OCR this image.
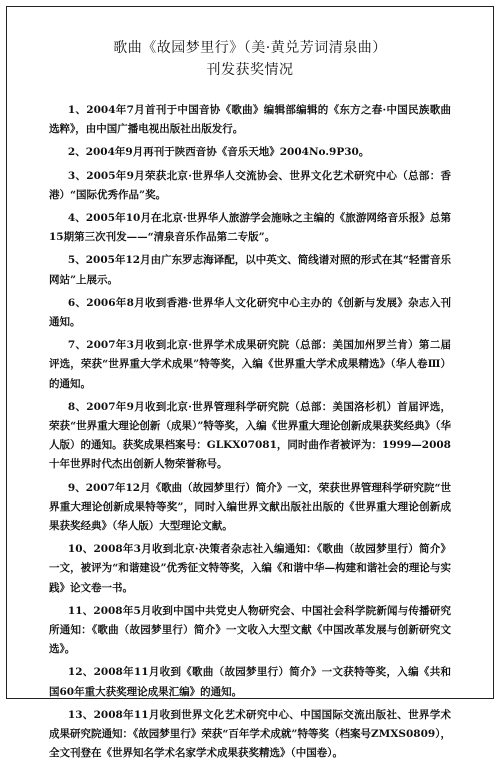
歌曲《故园梦里行》（美·黄兑芳词清泉曲）
刊发获奖情况

1、2004年7月首刊于中国音协《歌曲》编辑部编辑的《东方之春·中国民族歌曲选粹》，由中国广播电视出版社出版发行。

2、2004年9月再刊于陕西音协《音乐天地》2004No.9P30。

3、2005年9月荣获北京·世界华人交流协会、世界文化艺术研究中心（总部：香港）“国际优秀作品”奖。

4、2005年10月在北京·世界华人旅游学会施咏之主编的《旅游网络音乐报》总第15期第三次刊发——“清泉音乐作品第二专版”。

5、2005年12月由广东罗志海译配，以中英文、简线谱对照的形式在其“轻雷音乐网站”上展示。

6、2006年8月收到香港·世界华人文化研究中心主办的《创新与发展》杂志入刊通知。

7、2007年3月收到北京·世界学术成果研究院（总部：美国加州罗兰肯）第二届评选，荣获“世界重大学术成果”特等奖，入编《世界重大学术成果精选》（华人卷Ⅲ）的通知。

8、2007年9月收到北京·世界管理科学研究院（总部：美国洛杉机）首届评选，荣获“世界重大理论创新（成果）”特等奖，入编《世界重大理论创新成果获奖经典》（华人版）的通知。获奖成果档案号：GLKX07081，同时曲作者被评为：1999—2008十年世界时代杰出创新人物荣誉称号。

9、2007年12月《歌曲（故园梦里行）简介》一文，荣获世界管理科学研究院“世界重大理论创新成果特等奖”，同时入编世界文献出版社出版的《世界重大理论创新成果获奖经典》（华人版）大型理论文献。

10、2008年3月收到北京·决策者杂志社入编通知：《歌曲（故园梦里行）简介》一文，被评为“和谐建设”优秀征文特等奖，入编《和谐中华—构建和谐社会的理论与实践》论文卷一书。

11、2008年5月收到中国中共党史人物研究会、中国社会科学院新闻与传播研究所通知：《歌曲（故园梦里行）简介》一文收入大型文献《中国改革发展与创新研究文选》。

12、2008年11月收到《歌曲（故园梦里行）简介》一文获特等奖，入编《共和国60年重大获奖理论成果汇编》的通知。

13、2008年11月收到世界文化艺术研究中心、中国国际交流出版社、世界学术成果研究院通知：《故园梦里行》荣获“百年学术成就”特等奖（档案号ZMXS0809），全文刊登在《世界知名学术名家学术成果获奖精选》（中国卷）。
